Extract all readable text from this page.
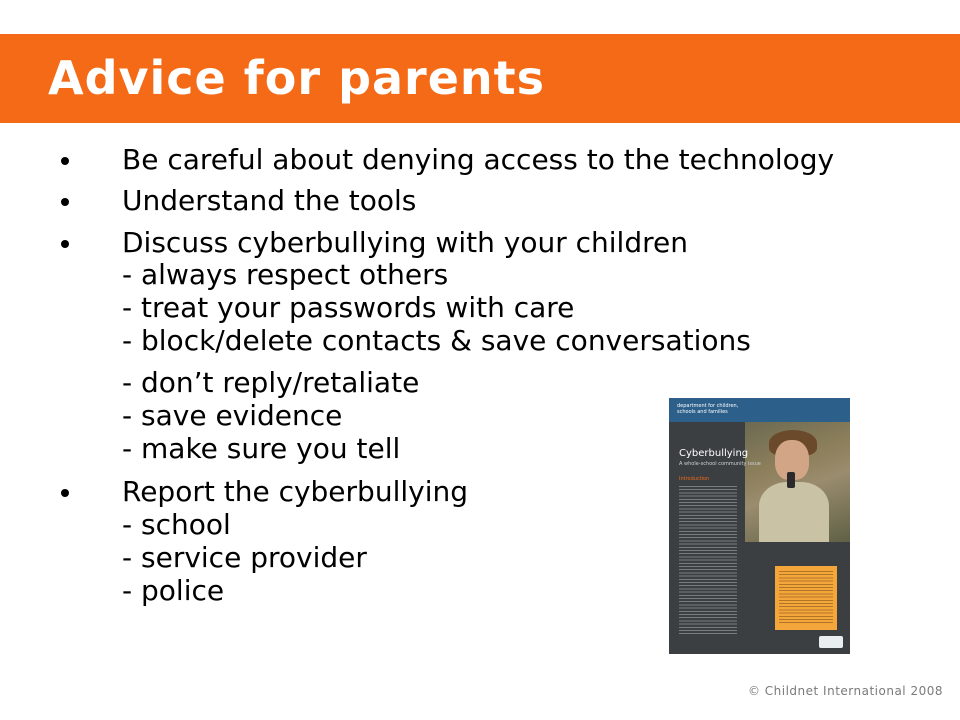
Advice for parents

Be careful about denying access to the technology

Understand the tools

Discuss cyberbullying with your children

- always respect others

- treat your passwords with care

- block/delete contacts & save conversations

- don’t reply/retaliate

- save evidence

- make sure you tell

Report the cyberbullying

- school

- service provider

- police

department for children, schools and families
Cyberbullying
A whole-school community issue
Introduction

© Childnet International 2008
